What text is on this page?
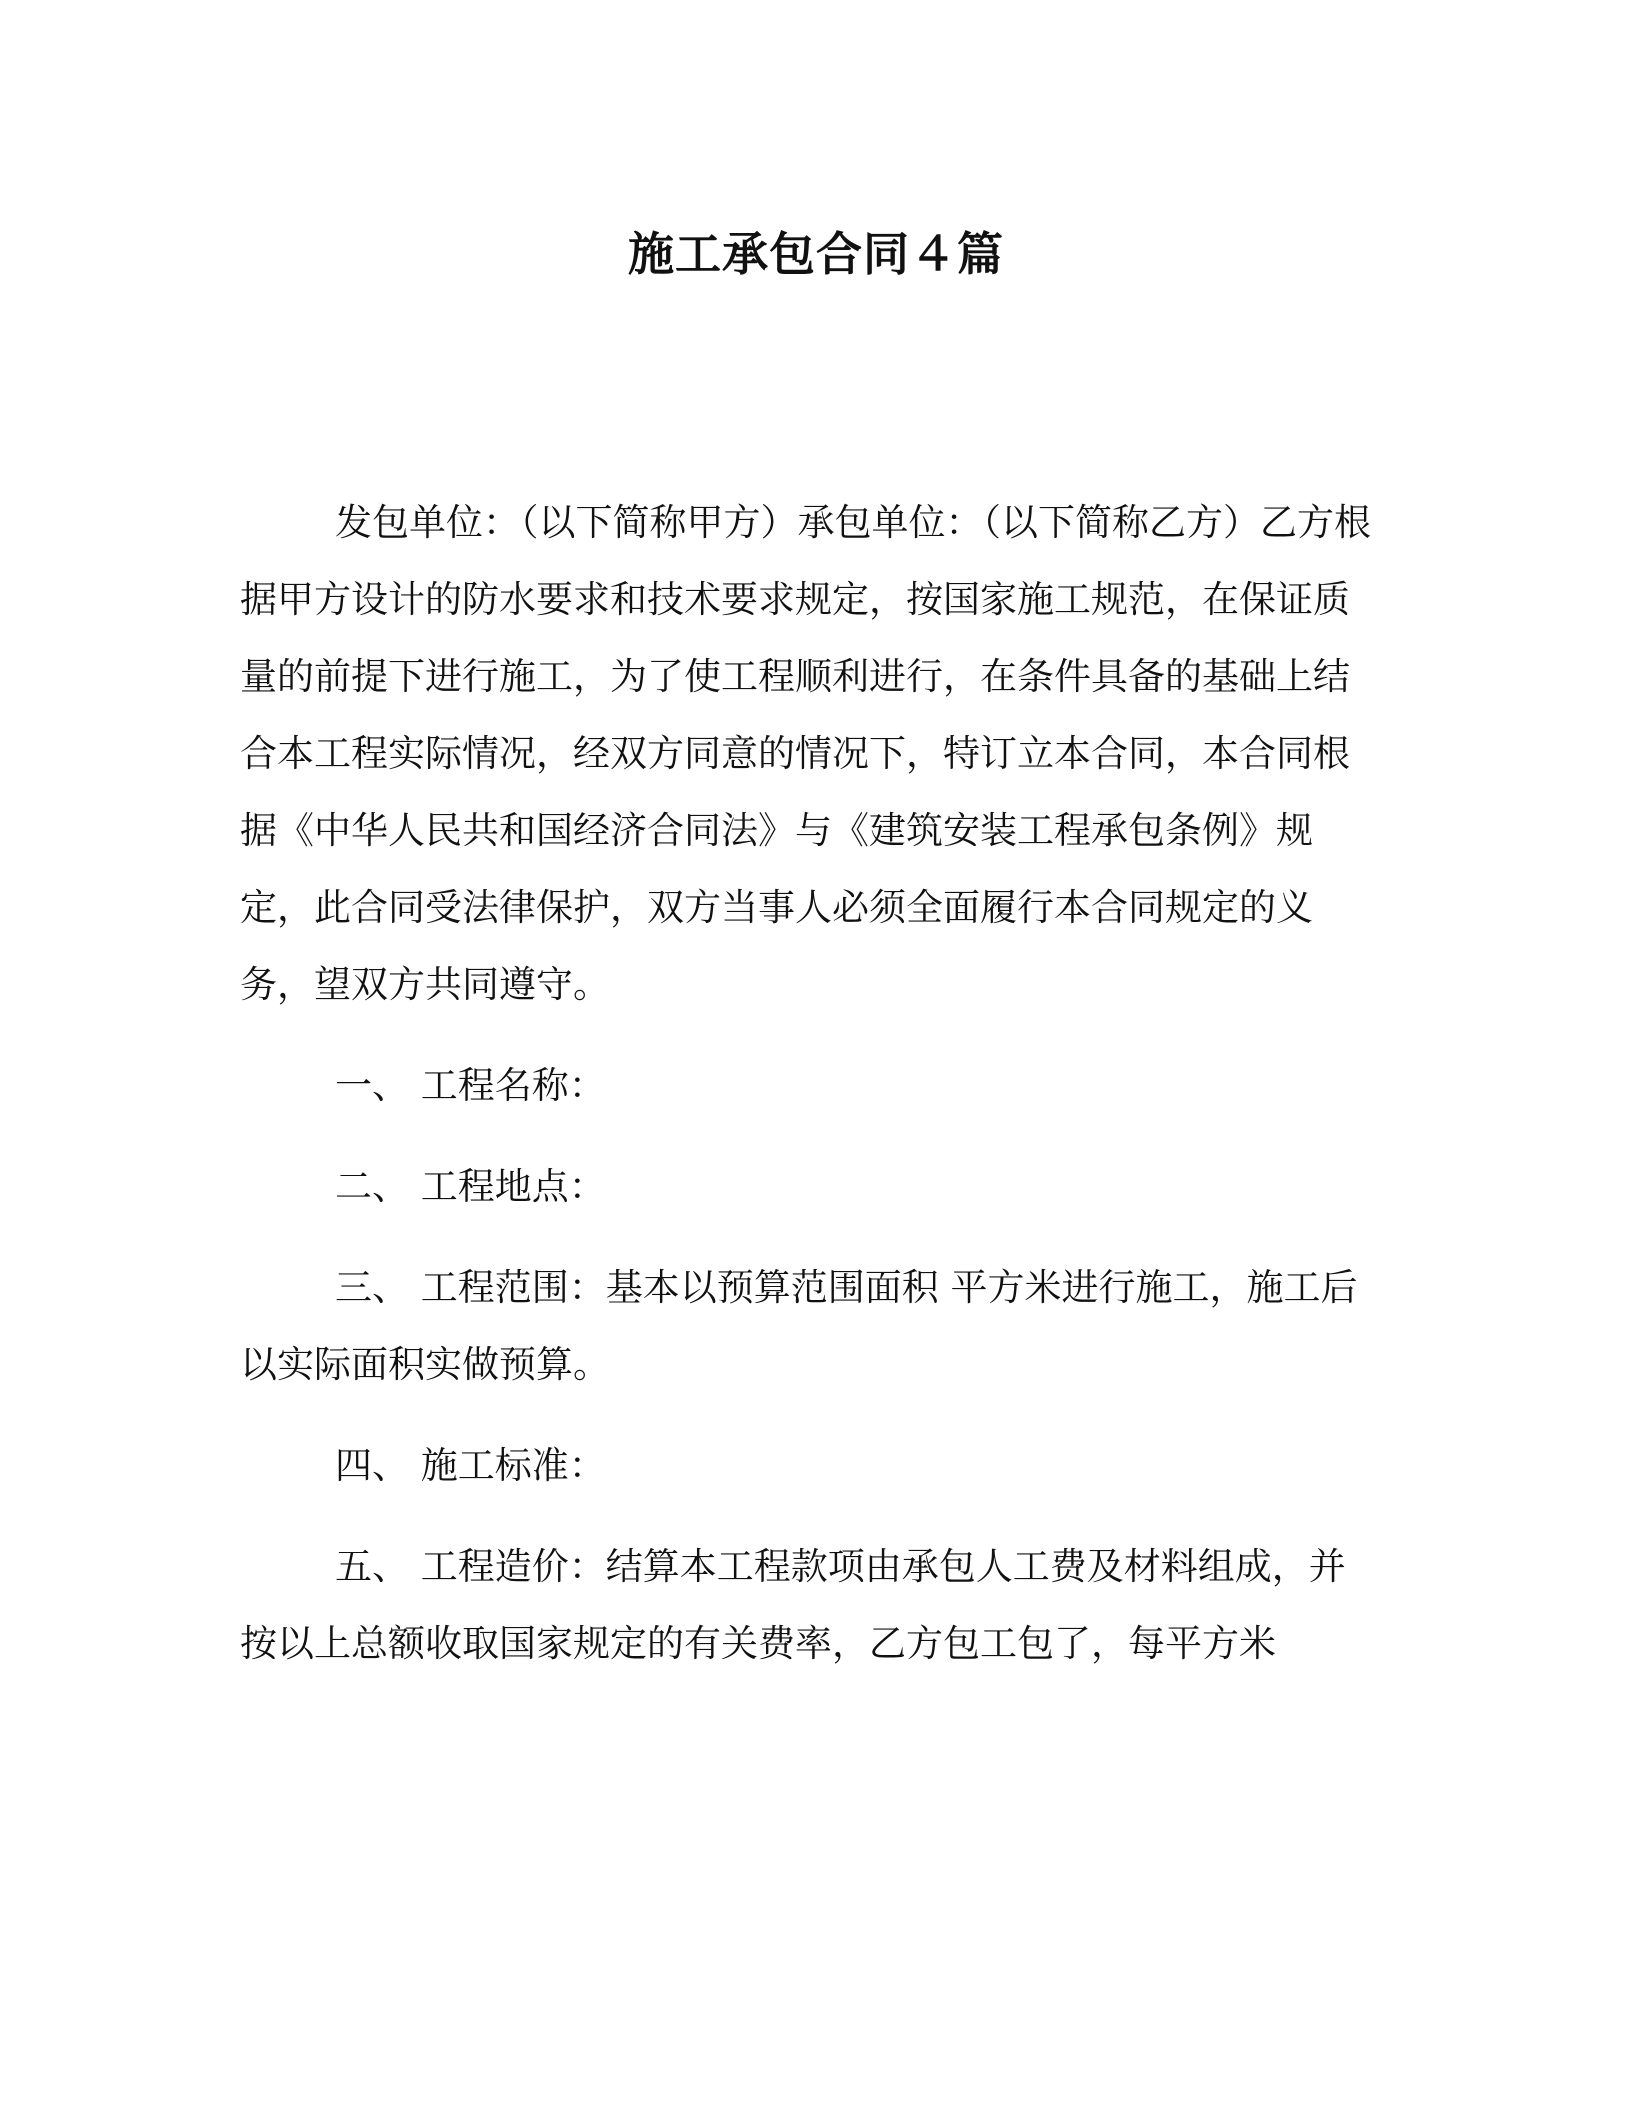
施工承包合同４篇

发包单位：（以下简称甲方）承包单位：（以下简称乙方）乙方根据甲方设计的防水要求和技术要求规定，按国家施工规范，在保证质量的前提下进行施工，为了使工程顺利进行，在条件具备的基础上结合本工程实际情况，经双方同意的情况下，特订立本合同，本合同根据《中华人民共和国经济合同法》与《建筑安装工程承包条例》规定，此合同受法律保护，双方当事人必须全面履行本合同规定的义务，望双方共同遵守。

一、 工程名称：

二、 工程地点：

三、 工程范围：基本以预算范围面积 平方米进行施工，施工后以实际面积实做预算。

四、 施工标准：

五、 工程造价：结算本工程款项由承包人工费及材料组成，并按以上总额收取国家规定的有关费率，乙方包工包了，每平方米
